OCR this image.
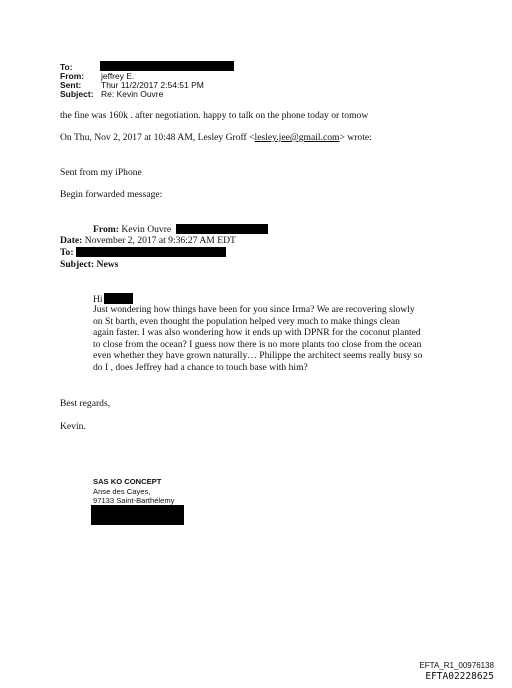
To:
From: jeffrey E.
Sent: Thur 11/2/2017 2:54:51 PM
Subject: Re: Kevin Ouvre
the fine was 160k . after negotiation. happy to talk on the phone today or tomow
On Thu, Nov 2, 2017 at 10:48 AM, Lesley Groff <lesley.jee@gmail.com> wrote:
Sent from my iPhone
Begin forwarded message:
From: Kevin Ouvre
Date: November 2, 2017 at 9:36:27 AM EDT
To:
Subject: News
Hi
Just wondering how things have been for you since Irma? We are recovering slowly on St barth, even thought the population helped very much to make things clean again faster. I was also wondering how it ends up with DPNR for the coconut planted to close from the ocean? I guess now there is no more plants too close from the ocean even whether they have grown naturally… Philippe the architect seems really busy so do I , does Jeffrey had a chance to touch base with him?
Best regards,
Kevin.
SAS KO CONCEPT
Anse des Cayes,
97133 Saint-Barthélemy
EFTA_R1_00976138
EFTA02228625
